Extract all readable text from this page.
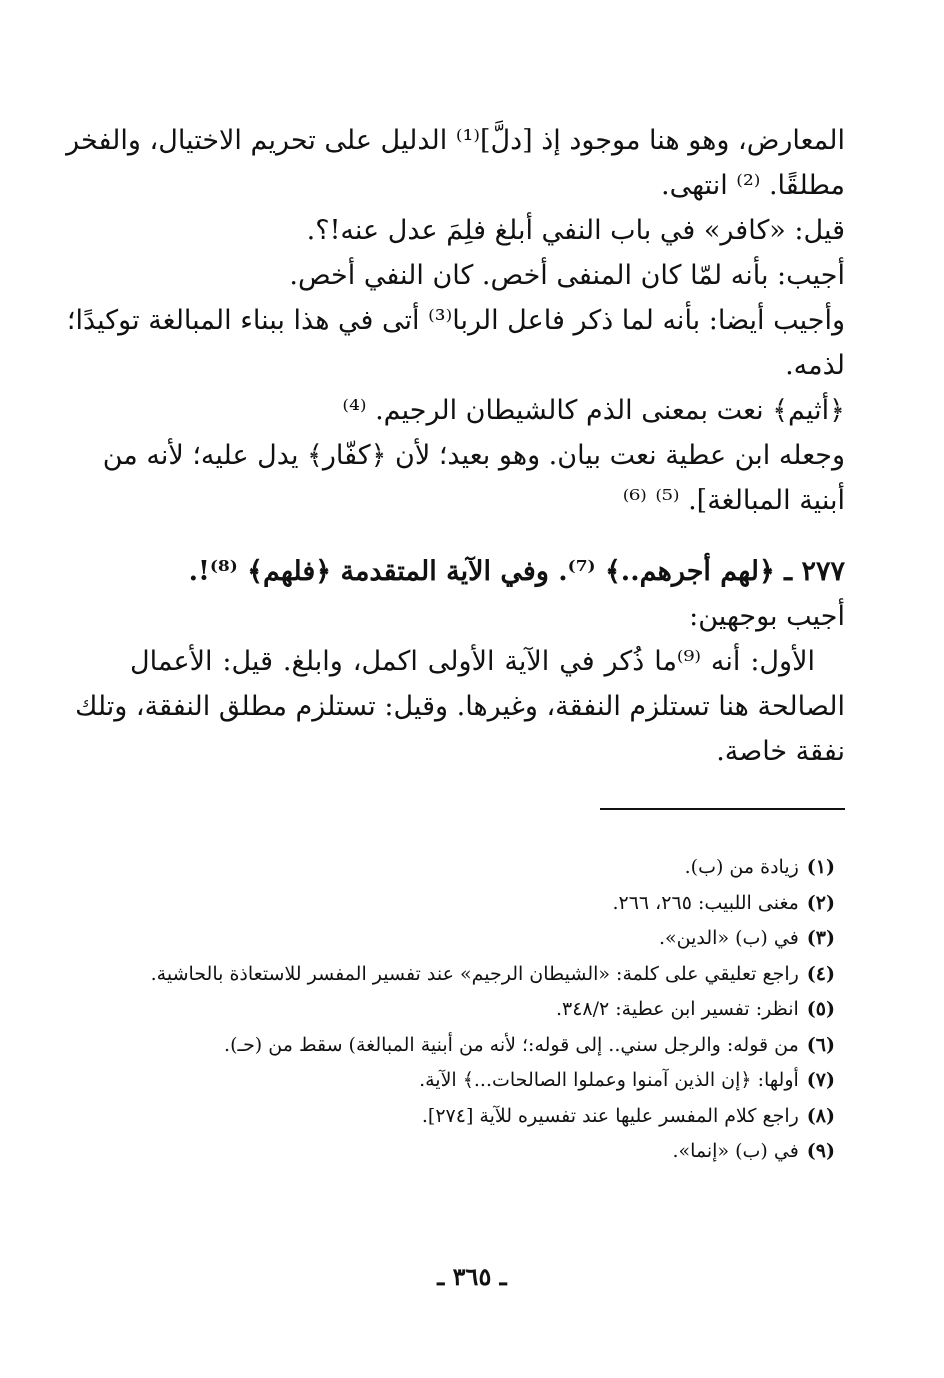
المعارض، وهو هنا موجود إذ [دلَّ]⁽¹⁾ الدليل على تحريم الاختيال، والفخر
مطلقًا. ⁽²⁾ انتهى.
قيل: «كافر» في باب النفي أبلغ فلِمَ عدل عنه!؟.
أجيب: بأنه لمّا كان المنفى أخص. كان النفي أخص.
وأجيب أيضا: بأنه لما ذكر فاعل الربا⁽³⁾ أتى في هذا ببناء المبالغة توكيدًا؛
لذمه.
﴿أثيم﴾ نعت بمعنى الذم كالشيطان الرجيم. ⁽⁴⁾
وجعله ابن عطية نعت بيان. وهو بعيد؛ لأن ﴿كفّار﴾ يدل عليه؛ لأنه من
أبنية المبالغة]. ⁽⁵⁾ ⁽⁶⁾
٢٧٧ ـ ﴿لهم أجرهم..﴾ ⁽⁷⁾. وفي الآية المتقدمة ﴿فلهم﴾ ⁽⁸⁾!.
أجيب بوجهين:
الأول: أنه ⁽⁹⁾ما ذُكر في الآية الأولى اكمل، وابلغ. قيل: الأعمال
الصالحة هنا تستلزم النفقة، وغيرها. وقيل: تستلزم مطلق النفقة، وتلك
نفقة خاصة.
(١)زيادة من (ب).
(٢)مغنى اللبيب: ٢٦٥، ٢٦٦.
(٣)في (ب) «الدين».
(٤)راجع تعليقي على كلمة: «الشيطان الرجيم» عند تفسير المفسر للاستعاذة بالحاشية.
(٥)انظر: تفسير ابن عطية: ٣٤٨/٢.
(٦)من قوله: والرجل سني.. إلى قوله:؛ لأنه من أبنية المبالغة) سقط من (حـ).
(٧)أولها: ﴿إن الذين آمنوا وعملوا الصالحات...﴾ الآية.
(٨)راجع كلام المفسر عليها عند تفسيره للآية [٢٧٤].
(٩)في (ب) «إنما».
ـ ٣٦٥ ـ
